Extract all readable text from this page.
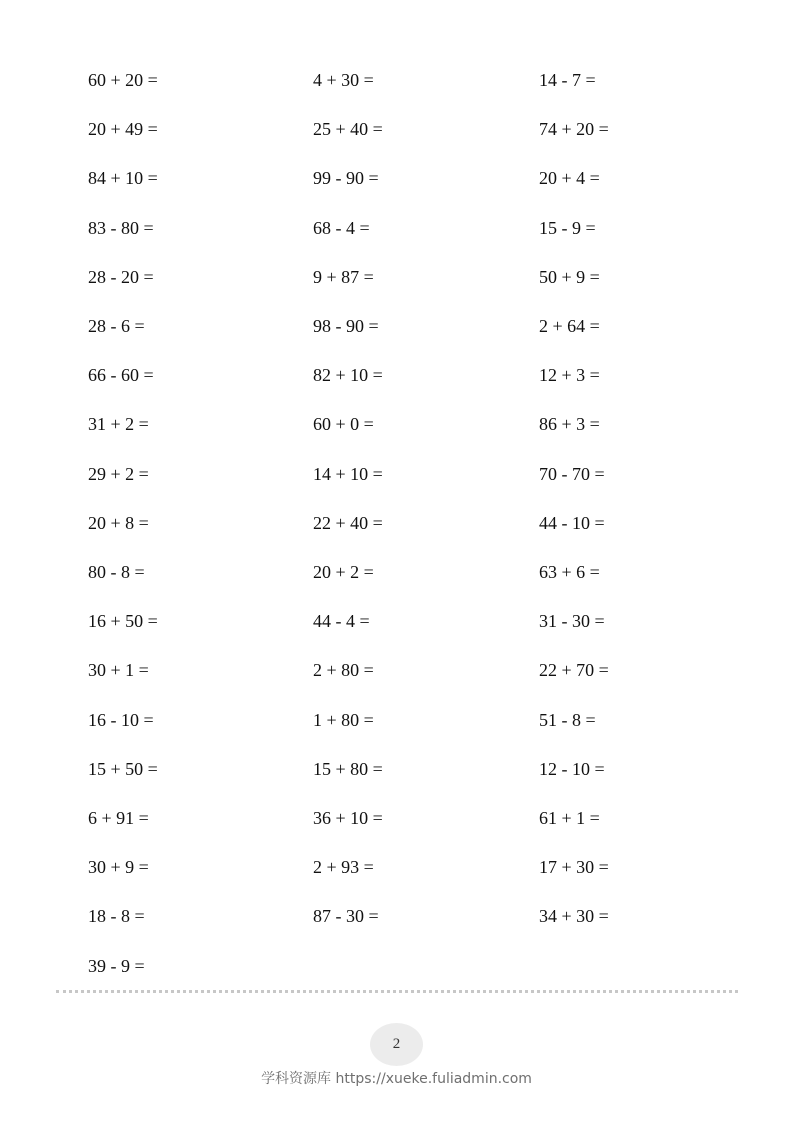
60 + 20 =	4 + 30 =	14 - 7 =
20 + 49 =	25 + 40 =	74 + 20 =
84 + 10 =	99 - 90 =	20 + 4 =
83 - 80 =	68 - 4 =	15 - 9 =
28 - 20 =	9 + 87 =	50 + 9 =
28 - 6 =	98 - 90 =	2 + 64 =
66 - 60 =	82 + 10 =	12 + 3 =
31 + 2 =	60 + 0 =	86 + 3 =
29 + 2 =	14 + 10 =	70 - 70 =
20 + 8 =	22 + 40 =	44 - 10 =
80 - 8 =	20 + 2 =	63 + 6 =
16 + 50 =	44 - 4 =	31 - 30 =
30 + 1 =	2 + 80 =	22 + 70 =
16 - 10 =	1 + 80 =	51 - 8 =
15 + 50 =	15 + 80 =	12 - 10 =
6 + 91 =	36 + 10 =	61 + 1 =
30 + 9 =	2 + 93 =	17 + 30 =
18 - 8 =	87 - 30 =	34 + 30 =
39 - 9 =
2
学科资源库 https://xueke.fuliadmin.com
